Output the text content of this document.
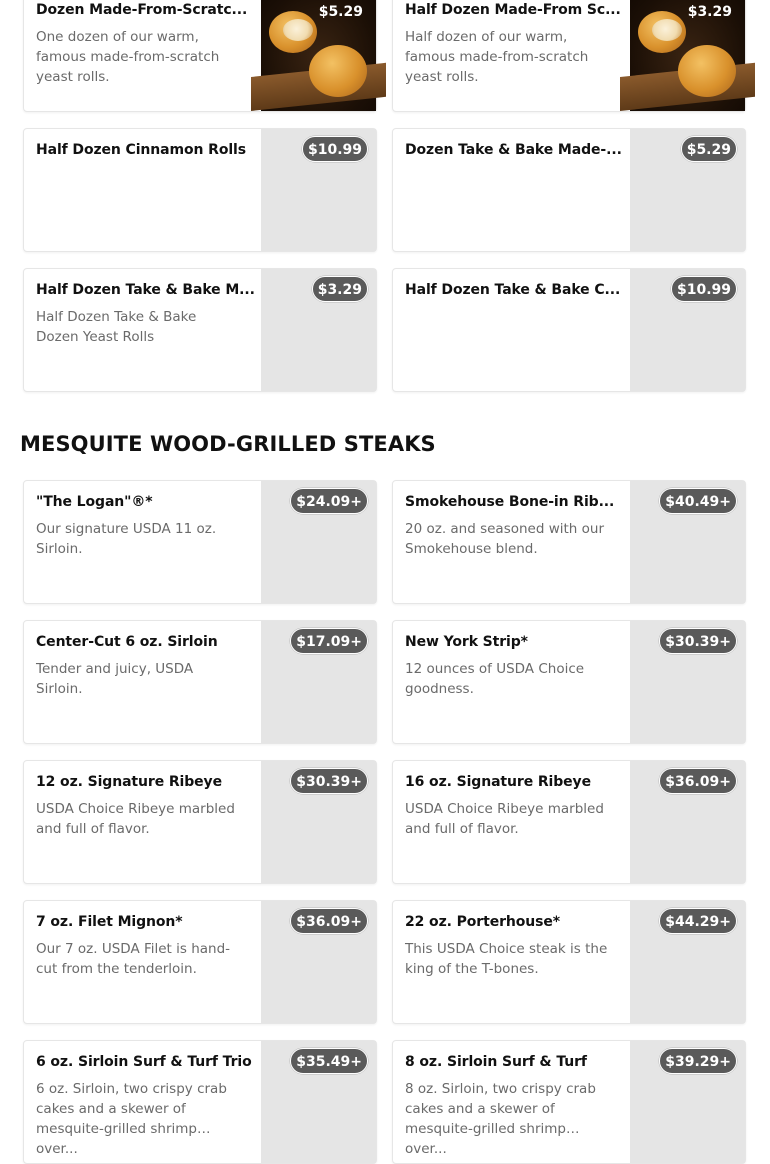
Dozen Made-From-Scratc...
One dozen of our warm, famous made-from-scratch yeast rolls.
$5.29	Half Dozen Made-From Sc...
Half dozen of our warm, famous made-from-scratch yeast rolls.
$3.29
Half Dozen Cinnamon Rolls	$10.99	Dozen Take & Bake Made-...	$5.29
Half Dozen Take & Bake M...
Half Dozen Take & Bake Dozen Yeast Rolls
$3.29	Half Dozen Take & Bake C...	$10.99
MESQUITE WOOD-GRILLED STEAKS
"The Logan"®*
Our signature USDA 11 oz. Sirloin.
$24.09+	Smokehouse Bone-in Rib...
20 oz. and seasoned with our Smokehouse blend.
$40.49+
Center-Cut 6 oz. Sirloin
Tender and juicy, USDA Sirloin.
$17.09+	New York Strip*
12 ounces of USDA Choice goodness.
$30.39+
12 oz. Signature Ribeye
USDA Choice Ribeye marbled and full of flavor.
$30.39+	16 oz. Signature Ribeye
USDA Choice Ribeye marbled and full of flavor.
$36.09+
7 oz. Filet Mignon*
Our 7 oz. USDA Filet is hand-cut from the tenderloin.
$36.09+	22 oz. Porterhouse*
This USDA Choice steak is the king of the T-bones.
$44.29+
6 oz. Sirloin Surf & Turf Trio
6 oz. Sirloin, two crispy crab cakes and a skewer of mesquite-grilled shrimp over...
$35.49+	8 oz. Sirloin Surf & Turf
8 oz. Sirloin, two crispy crab cakes and a skewer of mesquite-grilled shrimp over...
$39.29+
